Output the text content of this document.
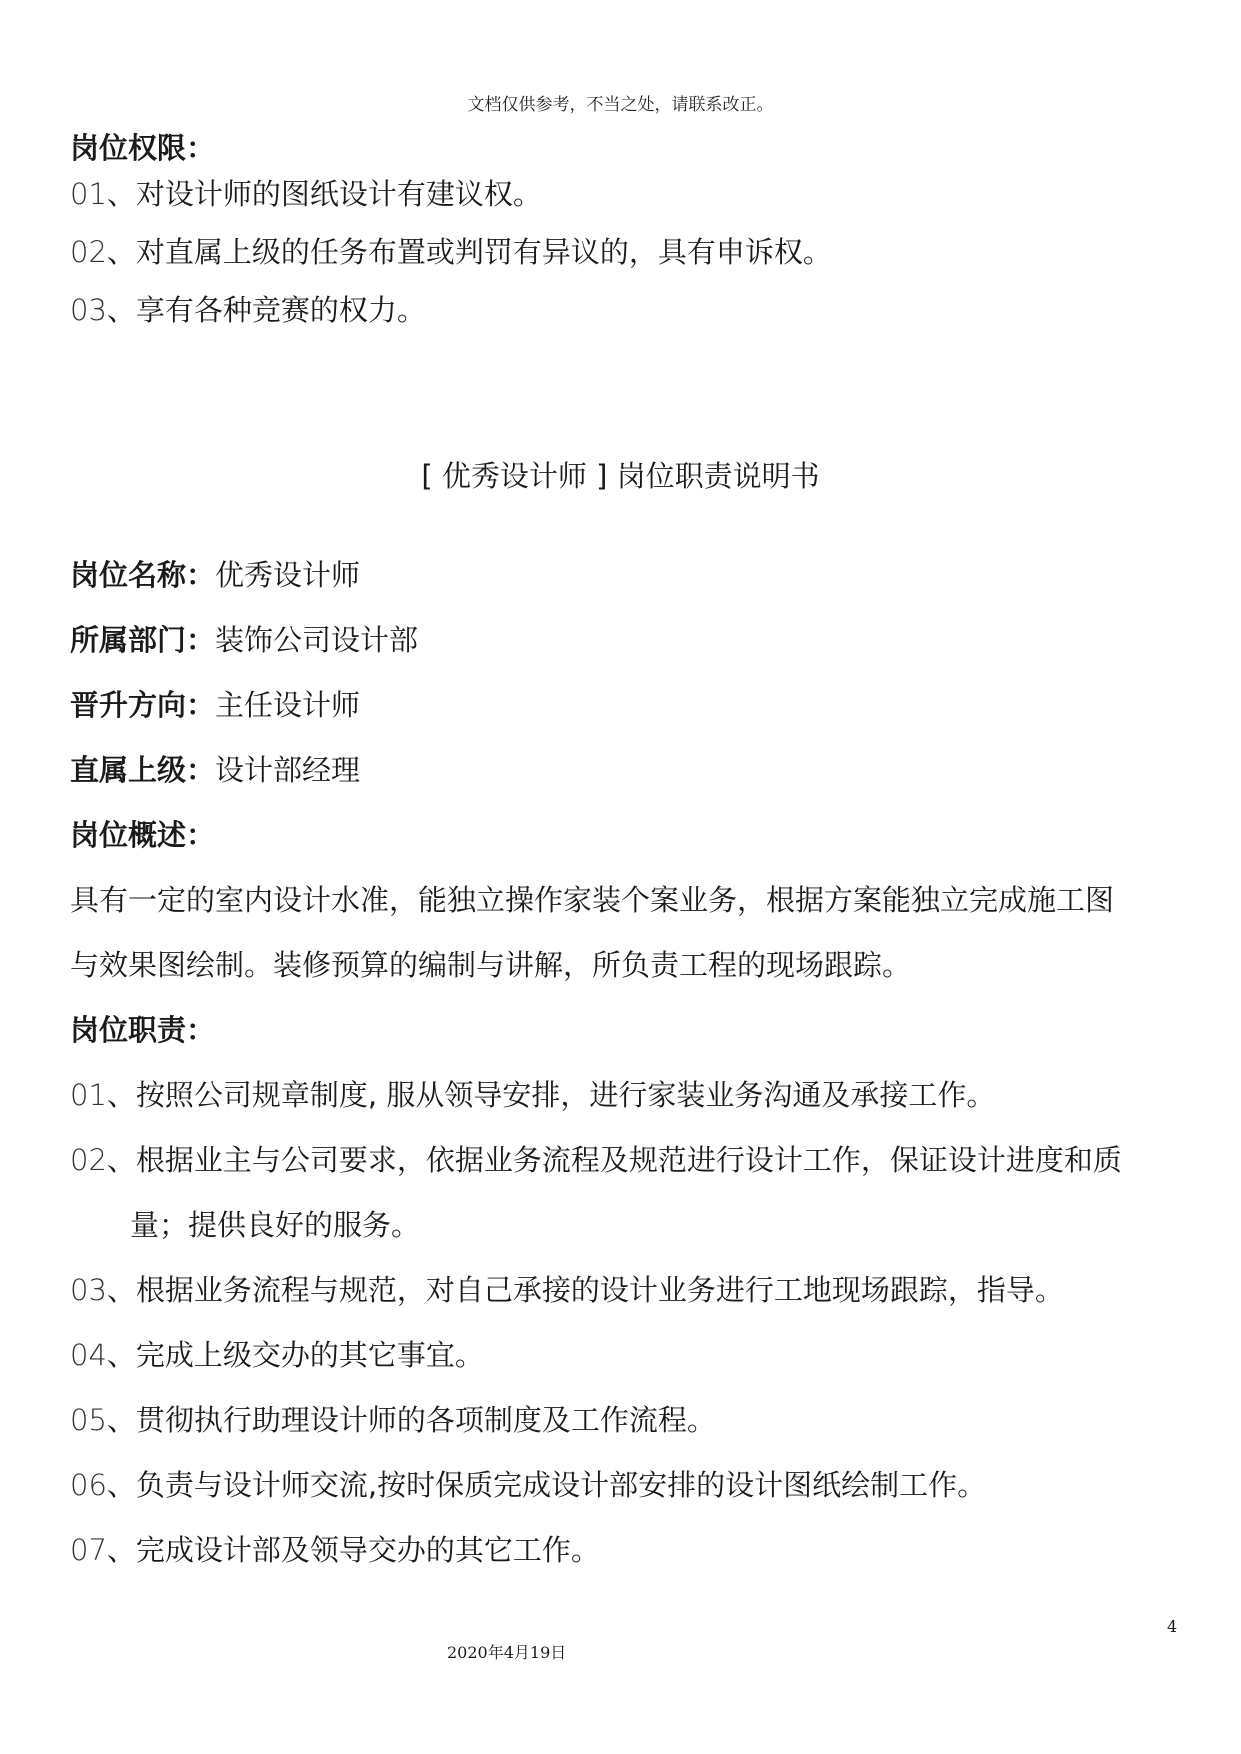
文档仅供参考，不当之处，请联系改正。
岗位权限：
01、对设计师的图纸设计有建议权。
02、对直属上级的任务布置或判罚有异议的，具有申诉权。
03、享有各种竞赛的权力。
[ 优秀设计师 ] 岗位职责说明书
岗位名称：优秀设计师
所属部门：装饰公司设计部
晋升方向：主任设计师
直属上级：设计部经理
岗位概述：
具有一定的室内设计水准，能独立操作家装个案业务，根据方案能独立完成施工图
与效果图绘制。装修预算的编制与讲解，所负责工程的现场跟踪。
岗位职责：
01、按照公司规章制度, 服从领导安排，进行家装业务沟通及承接工作。
02、根据业主与公司要求，依据业务流程及规范进行设计工作，保证设计进度和质
量；提供良好的服务。
03、根据业务流程与规范，对自己承接的设计业务进行工地现场跟踪，指导。
04、完成上级交办的其它事宜。
05、贯彻执行助理设计师的各项制度及工作流程。
06、负责与设计师交流,按时保质完成设计部安排的设计图纸绘制工作。
07、完成设计部及领导交办的其它工作。
4
2020年4月19日
